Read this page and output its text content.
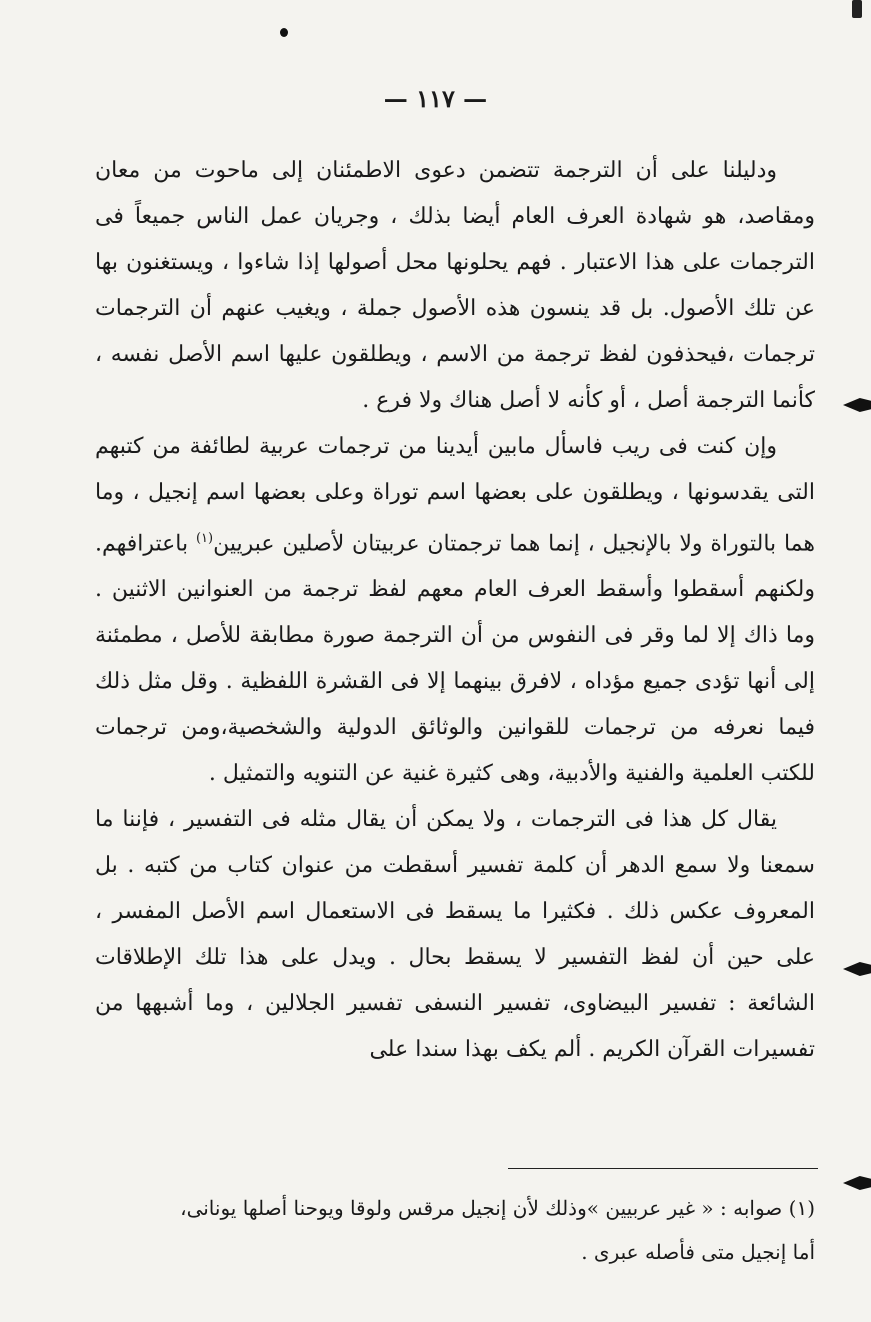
— ١١٧ —

ودليلنا على أن الترجمة تتضمن دعوى الاطمئنان إلى ماحوت من معان ومقاصد، هو شهادة العرف العام أيضا بذلك ، وجريان عمل الناس جميعاً فى الترجمات على هذا الاعتبار . فهم يحلونها محل أصولها إذا شاءوا ، ويستغنون بها عن تلك الأصول. بل قد ينسون هذه الأصول جملة ، ويغيب عنهم أن الترجمات ترجمات ،فيحذفون لفظ ترجمة من الاسم ، ويطلقون عليها اسم الأصل نفسه ، كأنما الترجمة أصل ، أو كأنه لا أصل هناك ولا فرع .

وإن كنت فى ريب فاسأل مابين أيدينا من ترجمات عربية لطائفة من كتبهم التى يقدسونها ، ويطلقون على بعضها اسم توراة وعلى بعضها اسم إنجيل ، وما هما بالتوراة ولا بالإنجيل ، إنما هما ترجمتان عربيتان لأصلين عبريين$^{(١)}$ باعترافهم. ولكنهم أسقطوا وأسقط العرف العام معهم لفظ ترجمة من العنوانين الاثنين . وما ذاك إلا لما وقر فى النفوس من أن الترجمة صورة مطابقة للأصل ، مطمئنة إلى أنها تؤدى جميع مؤداه ، لافرق بينهما إلا فى القشرة اللفظية . وقل مثل ذلك فيما نعرفه من ترجمات للقوانين والوثائق الدولية والشخصية،ومن ترجمات للكتب العلمية والفنية والأدبية، وهى كثيرة غنية عن التنويه والتمثيل .

يقال كل هذا فى الترجمات ، ولا يمكن أن يقال مثله فى التفسير ، فإننا ما سمعنا ولا سمع الدهر أن كلمة تفسير أسقطت من عنوان كتاب من كتبه . بل المعروف عكس ذلك . فكثيرا ما يسقط فى الاستعمال اسم الأصل المفسر ، على حين أن لفظ التفسير لا يسقط بحال . ويدل على هذا تلك الإطلاقات الشائعة : تفسير البيضاوى، تفسير النسفى تفسير الجلالين ، وما أشبهها من تفسيرات القرآن الكريم . ألم يكف بهذا سندا على

(١) صوابه : « غير عربيين »وذلك لأن إنجيل مرقس ولوقا ويوحنا أصلها يونانى،

أما إنجيل متى فأصله عبرى .
